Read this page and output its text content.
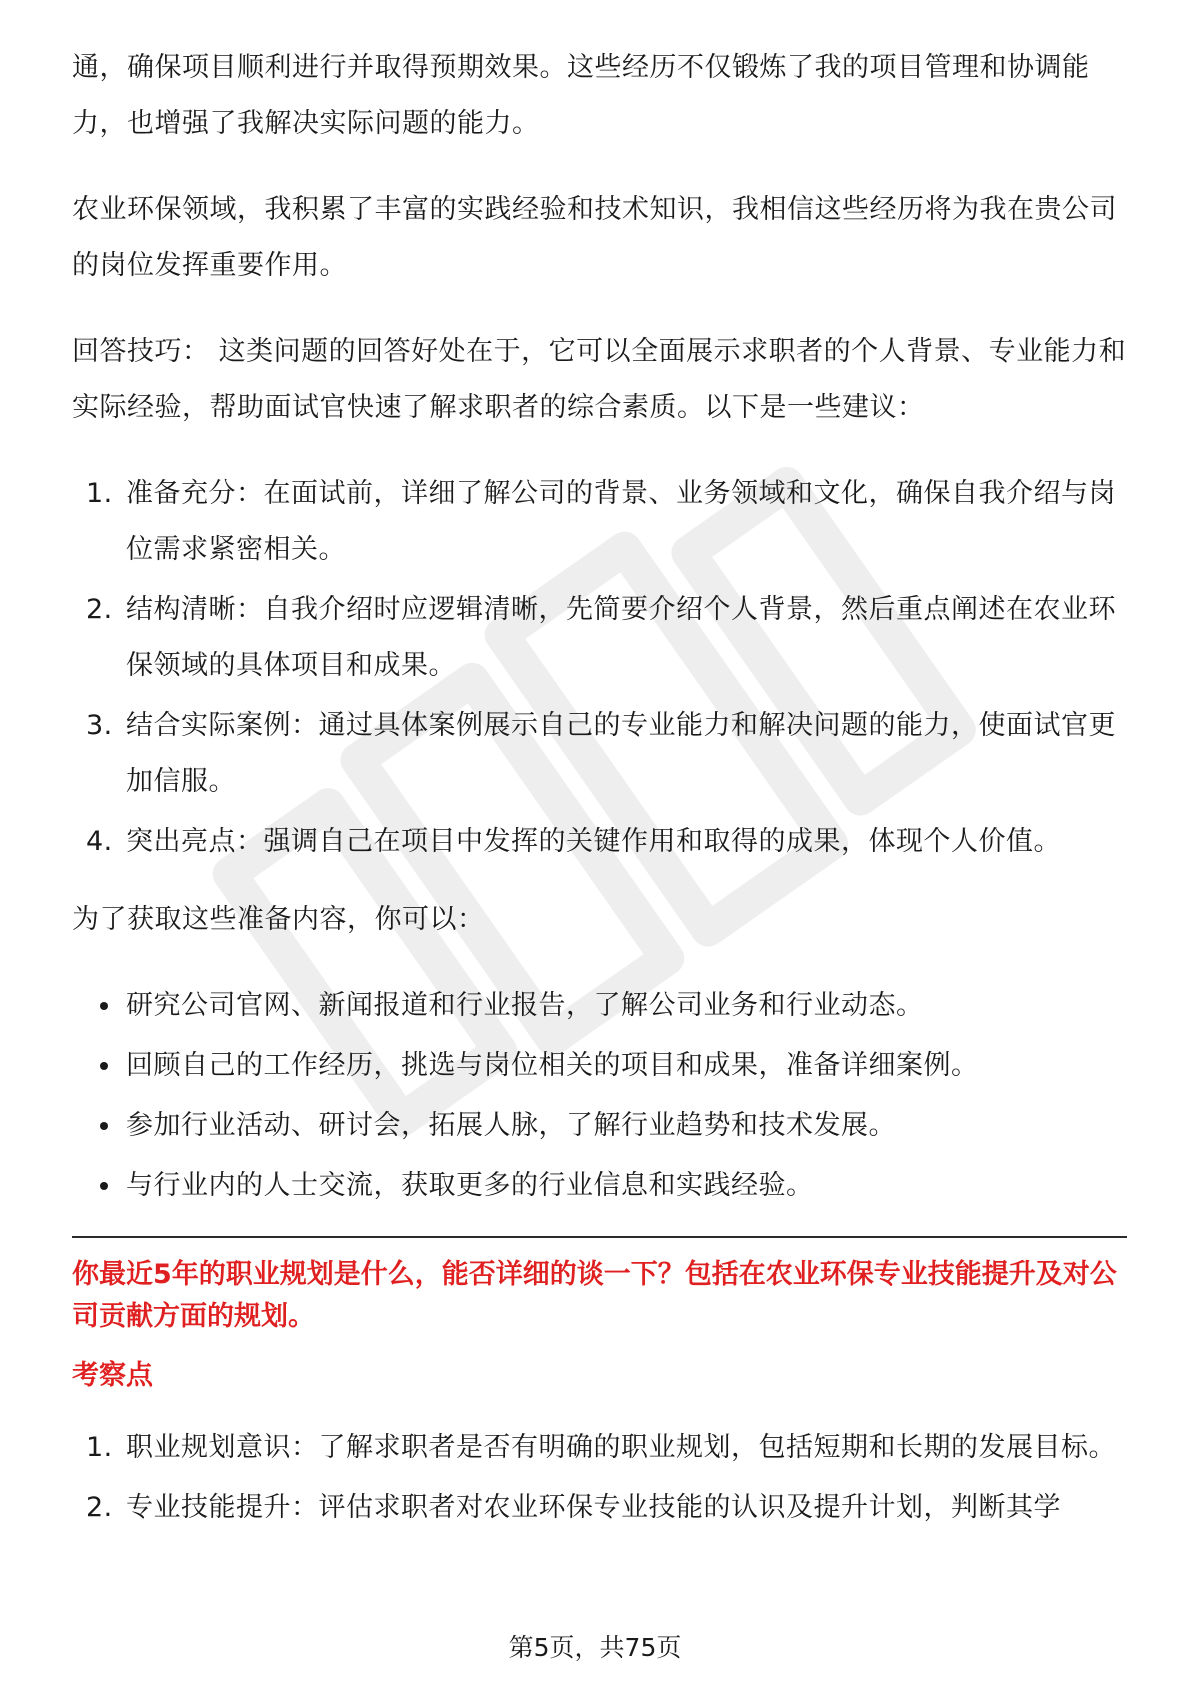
通，确保项目顺利进行并取得预期效果。这些经历不仅锻炼了我的项目管理和协调能力，也增强了我解决实际问题的能力。

农业环保领域，我积累了丰富的实践经验和技术知识，我相信这些经历将为我在贵公司的岗位发挥重要作用。

回答技巧： 这类问题的回答好处在于，它可以全面展示求职者的个人背景、专业能力和实际经验，帮助面试官快速了解求职者的综合素质。以下是一些建议：

1. 准备充分：在面试前，详细了解公司的背景、业务领域和文化，确保自我介绍与岗位需求紧密相关。
2. 结构清晰：自我介绍时应逻辑清晰，先简要介绍个人背景，然后重点阐述在农业环保领域的具体项目和成果。
3. 结合实际案例：通过具体案例展示自己的专业能力和解决问题的能力，使面试官更加信服。
4. 突出亮点：强调自己在项目中发挥的关键作用和取得的成果，体现个人价值。

为了获取这些准备内容，你可以：

研究公司官网、新闻报道和行业报告，了解公司业务和行业动态。
回顾自己的工作经历，挑选与岗位相关的项目和成果，准备详细案例。
参加行业活动、研讨会，拓展人脉，了解行业趋势和技术发展。
与行业内的人士交流，获取更多的行业信息和实践经验。
你最近5年的职业规划是什么，能否详细的谈一下？包括在农业环保专业技能提升及对公司贡献方面的规划。
考察点
1. 职业规划意识：了解求职者是否有明确的职业规划，包括短期和长期的发展目标。
2. 专业技能提升：评估求职者对农业环保专业技能的认识及提升计划，判断其学
第5页，共75页
